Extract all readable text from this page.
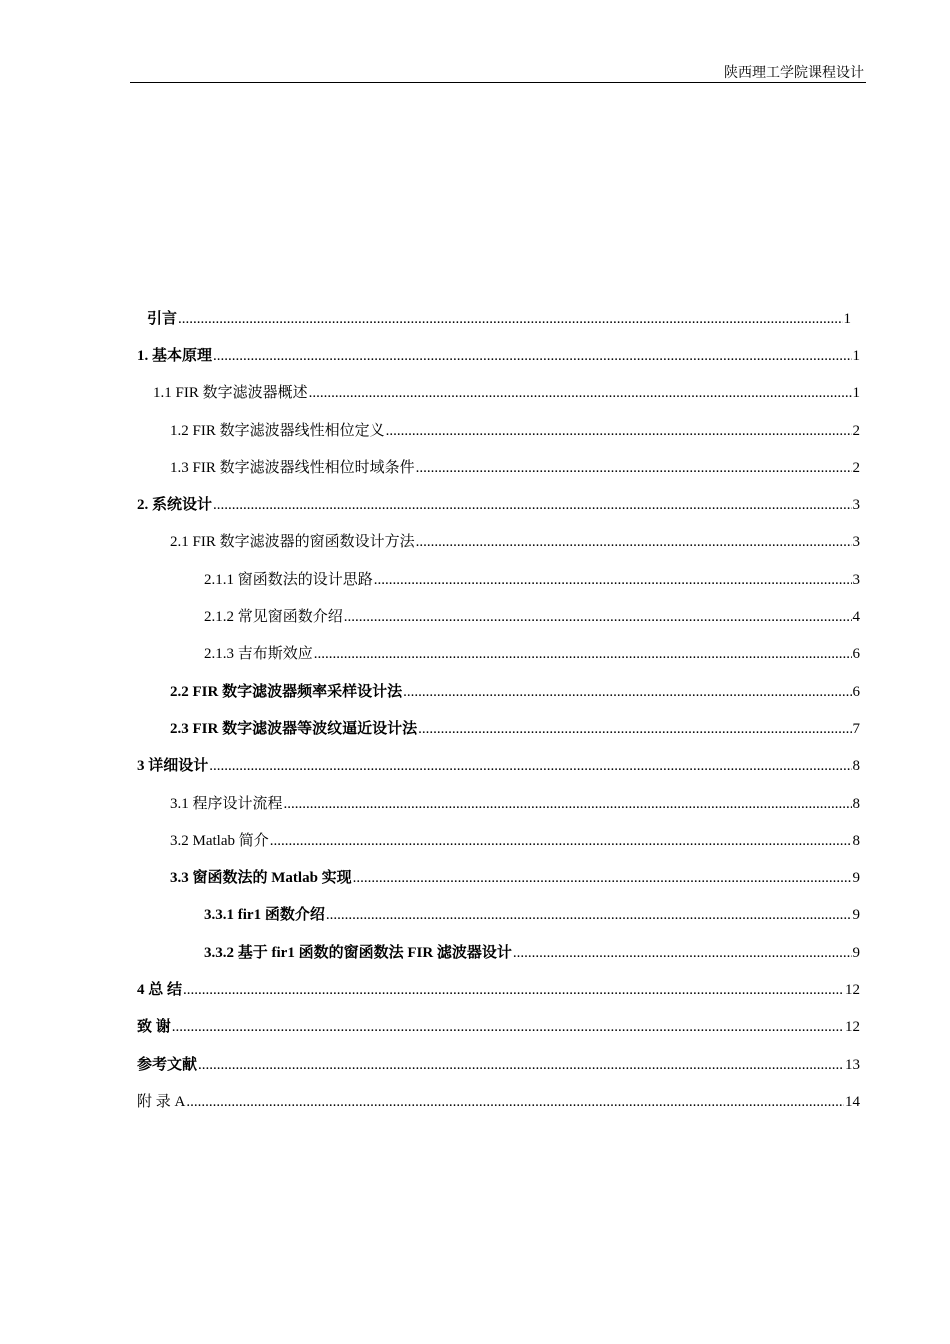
陕西理工学院课程设计
引言 .....	1
1. 基本原理 .....	1
1.1 FIR 数字滤波器概述 .....	1
1.2 FIR 数字滤波器线性相位定义 .....	2
1.3 FIR 数字滤波器线性相位时域条件 .....	2
2. 系统设计 .....	3
2.1 FIR 数字滤波器的窗函数设计方法 .....	3
2.1.1 窗函数法的设计思路 .....	3
2.1.2 常见窗函数介绍 .....	4
2.1.3 吉布斯效应 .....	6
2.2 FIR 数字滤波器频率采样设计法 .....	6
2.3 FIR 数字滤波器等波纹逼近设计法 .....	7
3 详细设计 .....	8
3.1 程序设计流程 .....	8
3.2 Matlab 简介 .....	8
3.3 窗函数法的 Matlab 实现 .....	9
3.3.1 fir1 函数介绍 .....	9
3.3.2 基于 fir1 函数的窗函数法 FIR 滤波器设计 .....	9
4 总 结 .....	12
致 谢 .....	12
参考文献 .....	13
附 录 A .....	14
